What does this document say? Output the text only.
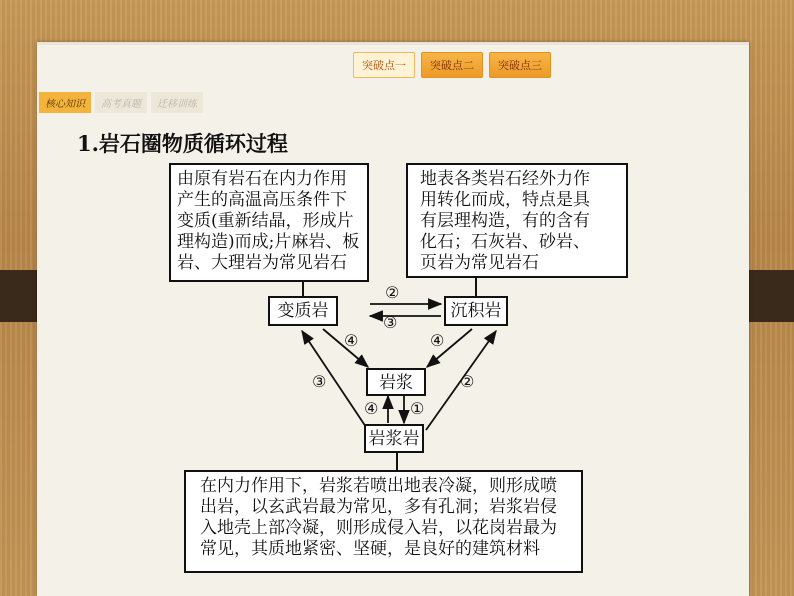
突破点一	突破点二	突破点三
核心知识	高考真题	迁移训练
1.岩石圈物质循环过程
由原有岩石在内力作用
产生的高温高压条件下
变质(重新结晶，形成片
理构造)而成;片麻岩、板
岩、大理岩为常见岩石
地表各类岩石经外力作
用转化而成，特点是具
有层理构造，有的含有
化石；石灰岩、砂岩、
页岩为常见岩石
变质岩	沉积岩
岩浆
岩浆岩
②
③
④	④
③	②
④ ①
在内力作用下，岩浆若喷出地表冷凝，则形成喷
出岩，以玄武岩最为常见，多有孔洞；岩浆岩侵
入地壳上部冷凝，则形成侵入岩，以花岗岩最为
常见，其质地紧密、坚硬，是良好的建筑材料
